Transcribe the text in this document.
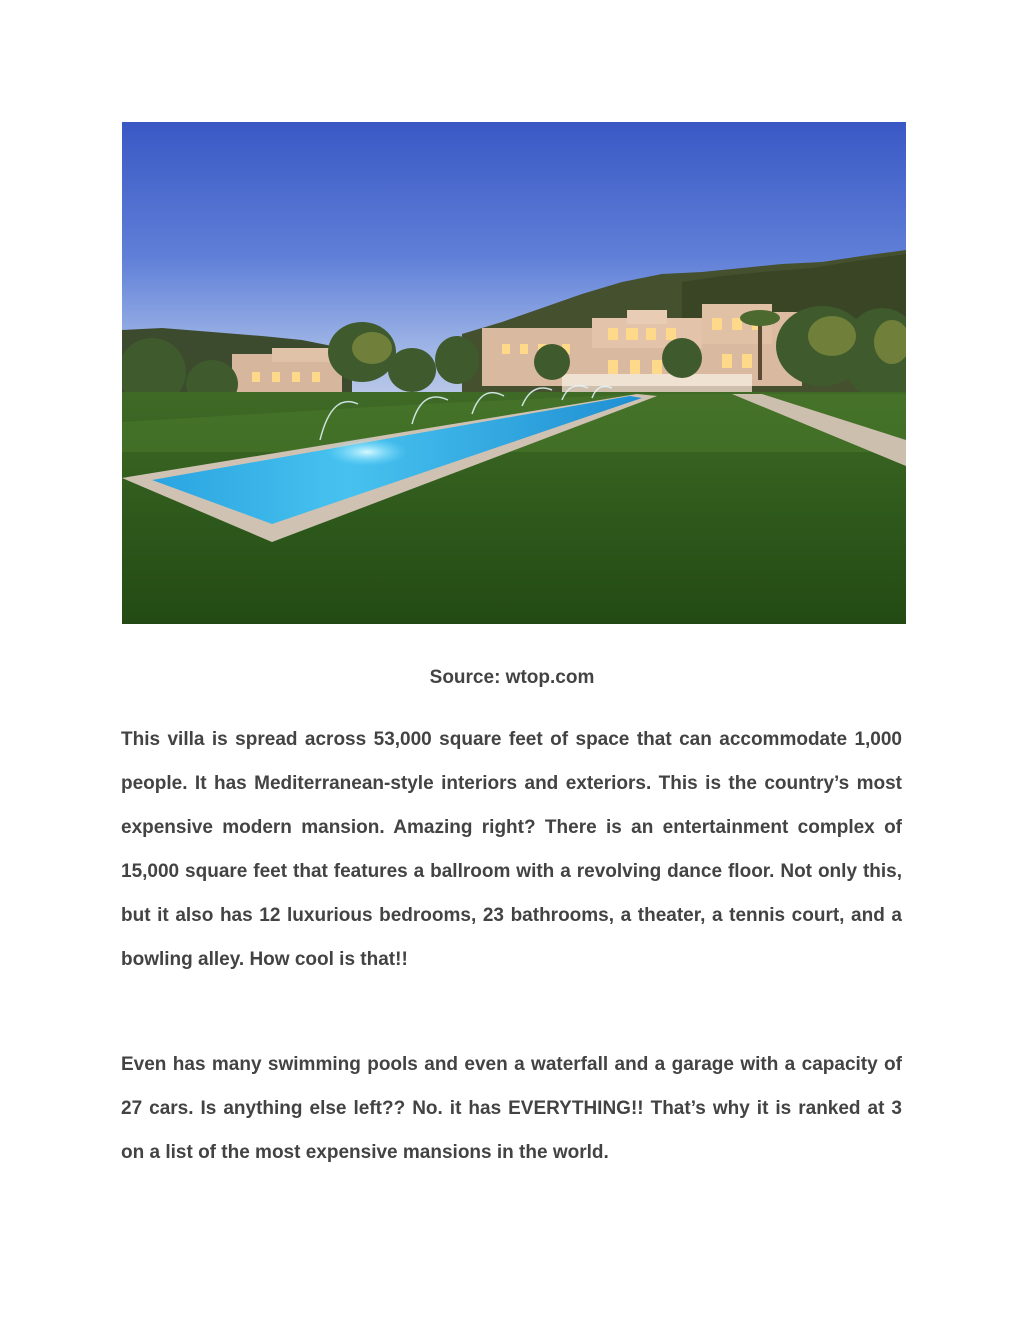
Source: wtop.com

This villa is spread across 53,000 square feet of space that can accommodate 1,000 people. It has Mediterranean-style interiors and exteriors. This is the country’s most expensive modern mansion. Amazing right? There is an entertainment complex of 15,000 square feet that features a ballroom with a revolving dance floor. Not only this, but it also has 12 luxurious bedrooms, 23 bathrooms, a theater, a tennis court, and a bowling alley. How cool is that!!

Even has many swimming pools and even a waterfall and a garage with a capacity of 27 cars. Is anything else left?? No. it has EVERYTHING!! That’s why it is ranked at 3 on a list of the most expensive mansions in the world.
